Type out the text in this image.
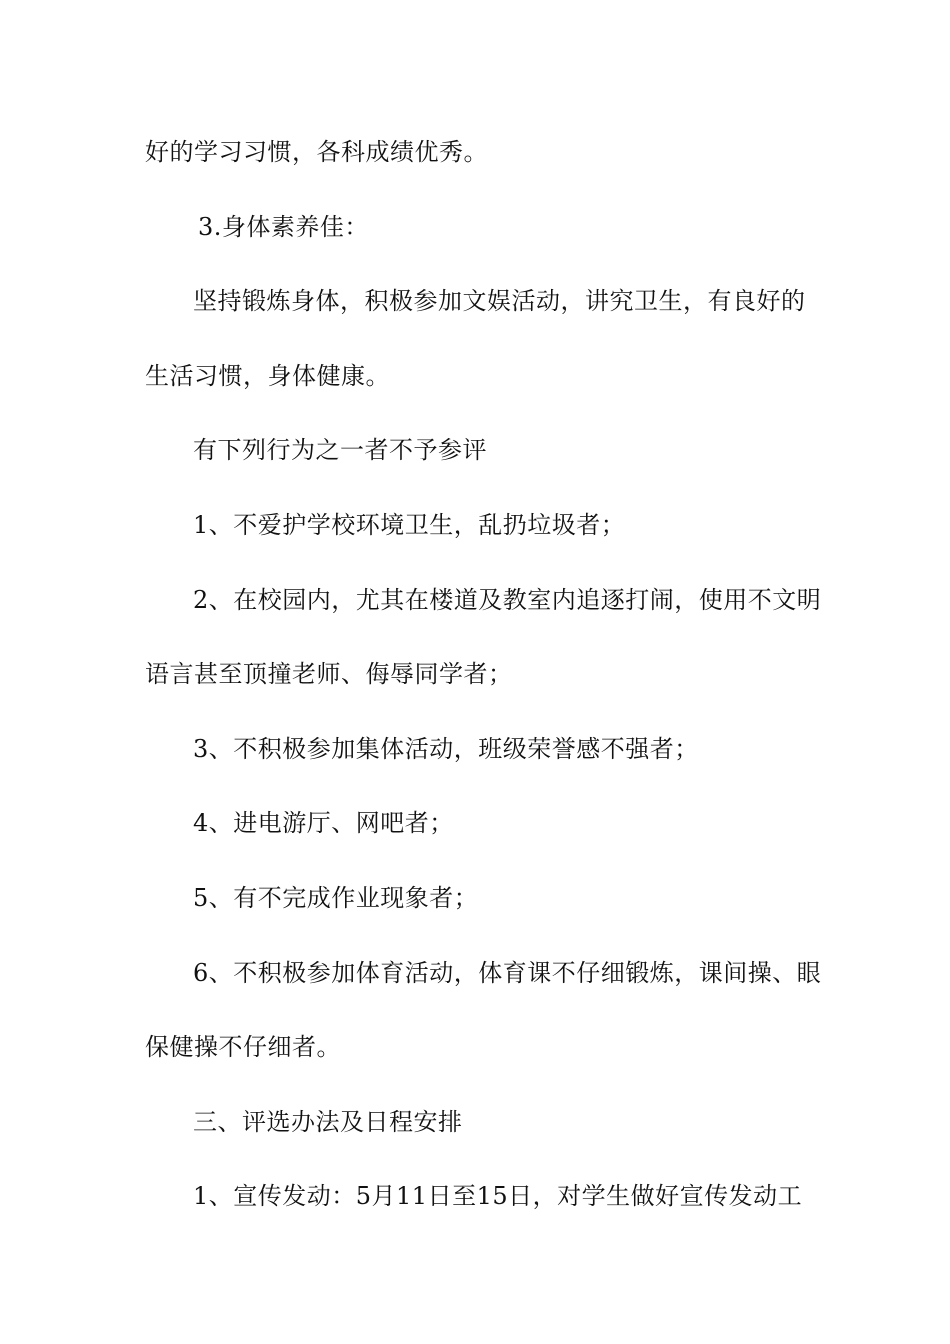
好的学习习惯，各科成绩优秀。
3.身体素养佳：
坚持锻炼身体，积极参加文娱活动，讲究卫生，有良好的
生活习惯，身体健康。
有下列行为之一者不予参评
1、不爱护学校环境卫生，乱扔垃圾者；
2、在校园内，尤其在楼道及教室内追逐打闹，使用不文明
语言甚至顶撞老师、侮辱同学者；
3、不积极参加集体活动，班级荣誉感不强者；
4、进电游厅、网吧者；
5、有不完成作业现象者；
6、不积极参加体育活动，体育课不仔细锻炼，课间操、眼
保健操不仔细者。
三、评选办法及日程安排
1、宣传发动：5月11日至15日，对学生做好宣传发动工
